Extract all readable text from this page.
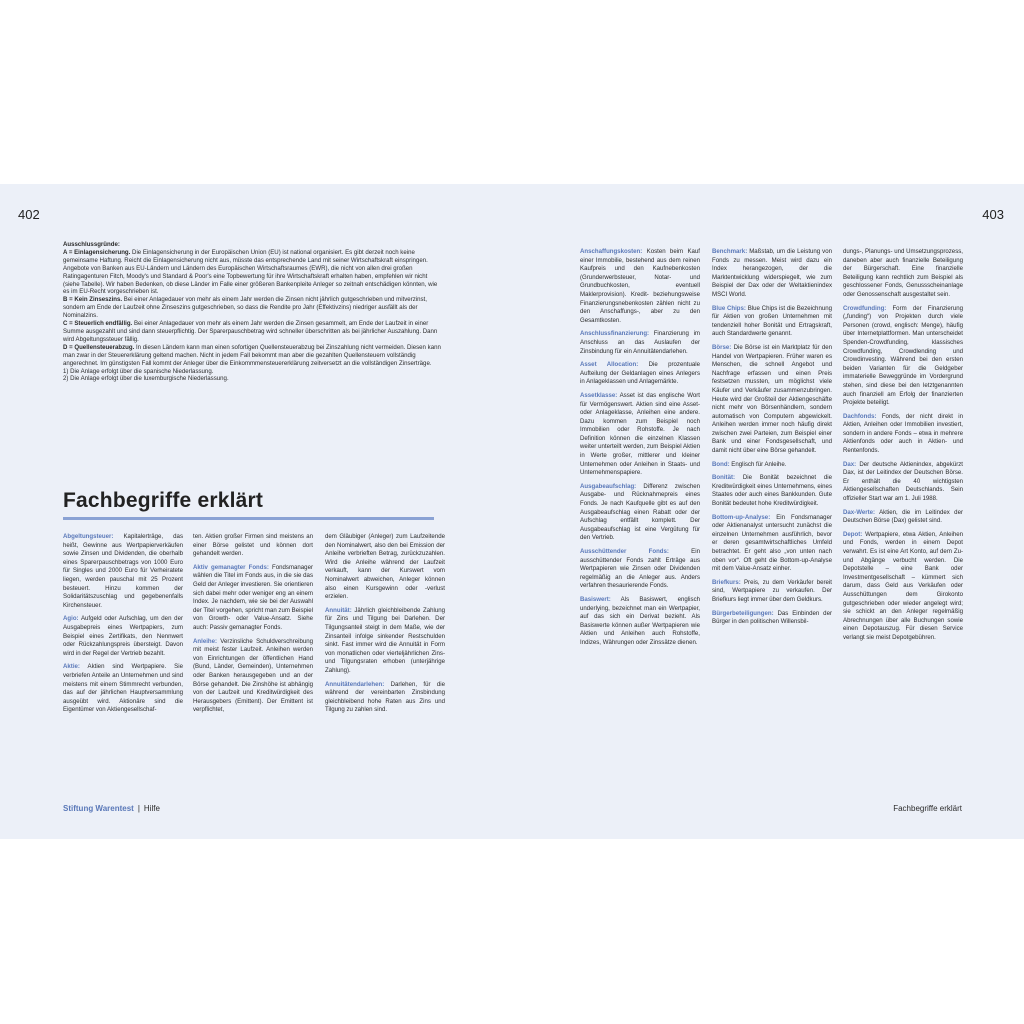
402	403

Ausschlussgründe:

A = Einlagensicherung. Die Einlagensicherung in der Europäischen Union (EU) ist national organisiert. Es gibt derzeit noch keine gemeinsame Haftung. Reicht die Einlagensicherung nicht aus, müsste das entsprechende Land mit seiner Wirtschaftskraft einspringen. Angebote von Banken aus EU-Ländern und Ländern des Europäischen Wirtschaftsraumes (EWR), die nicht von allen drei großen Ratingagenturen Fitch, Moody's und Standard & Poor's eine Topbewertung für ihre Wirtschaftskraft erhalten haben, empfehlen wir nicht (siehe Tabelle). Wir haben Bedenken, ob diese Länder im Falle einer größeren Bankenpleite Anleger so zeitnah entschädigen könnten, wie es im EU-Recht vorgeschrieben ist.

B = Kein Zinseszins. Bei einer Anlagedauer von mehr als einem Jahr werden die Zinsen nicht jährlich gutgeschrieben und mitverzinst, sondern am Ende der Laufzeit ohne Zinseszins gutgeschrieben, so dass die Rendite pro Jahr (Effektivzins) niedriger ausfällt als der Nominalzins.

C = Steuerlich endfällig. Bei einer Anlagedauer von mehr als einem Jahr werden die Zinsen gesammelt, am Ende der Laufzeit in einer Summe ausgezahlt und sind dann steuerpflichtig. Der Sparerpauschbetrag wird schneller überschritten als bei jährlicher Auszahlung. Dann wird Abgeltungssteuer fällig.

D = Quellensteuerabzug. In diesen Ländern kann man einen sofortigen Quellensteuerabzug bei Zinszahlung nicht vermeiden. Diesen kann man zwar in der Steuererklärung geltend machen. Nicht in jedem Fall bekommt man aber die gezahlten Quellensteuern vollständig angerechnet. Im günstigsten Fall kommt der Anleger über die Einkommmensteuererklärung zeitversetzt an die vollständigen Zinserträge.

1) Die Anlage erfolgt über die spanische Niederlassung.

2) Die Anlage erfolgt über die luxemburgische Niederlassung.

Fachbegriffe erklärt

Abgeltungsteuer: Kapitalerträge, das heißt, Gewinne aus Wertpapierverkäufen sowie Zinsen und Dividenden, die oberhalb eines Sparerpauschbetrags von 1000 Euro für Singles und 2000 Euro für Verheiratete liegen, werden pauschal mit 25 Prozent besteuert. Hinzu kommen der Solidaritätszuschlag und gegebenenfalls Kirchensteuer.

Agio: Aufgeld oder Aufschlag, um den der Ausgabepreis eines Wertpapiers, zum Beispiel eines Zertifikats, den Nennwert oder Rückzahlungspreis übersteigt. Davon wird in der Regel der Vertrieb bezahlt.

Aktie: Aktien sind Wertpapiere. Sie verbriefen Anteile an Unternehmen und sind meistens mit einem Stimmrecht verbunden, das auf der jährlichen Hauptversammlung ausgeübt wird. Aktionäre sind die Eigentümer von Aktiengesellschaf-

ten. Aktien großer Firmen sind meistens an einer Börse gelistet und können dort gehandelt werden.

Aktiv gemanagter Fonds: Fondsmanager wählen die Titel im Fonds aus, in die sie das Geld der Anleger investieren. Sie orientieren sich dabei mehr oder weniger eng an einem Index. Je nachdem, wie sie bei der Auswahl der Titel vorgehen, spricht man zum Beispiel von Growth- oder Value-Ansatz. Siehe auch: Passiv gemanagter Fonds.

Anleihe: Verzinsliche Schuldverschreibung mit meist fester Laufzeit. Anleihen werden von Einrichtungen der öffentlichen Hand (Bund, Länder, Gemeinden), Unternehmen oder Banken herausgegeben und an der Börse gehandelt. Die Zinshöhe ist abhängig von der Laufzeit und Kreditwürdigkeit des Herausgebers (Emittent). Der Emittent ist verpflichtet,

dem Gläubiger (Anleger) zum Laufzeitende den Nominalwert, also den bei Emission der Anleihe verbrieften Betrag, zurückzuzahlen. Wird die Anleihe während der Laufzeit verkauft, kann der Kurswert vom Nominalwert abweichen, Anleger können also einen Kursgewinn oder -verlust erzielen.

Annuität: Jährlich gleichbleibende Zahlung für Zins und Tilgung bei Darlehen. Der Tilgungsanteil steigt in dem Maße, wie der Zinsanteil infolge sinkender Restschulden sinkt. Fast immer wird die Annuität in Form von monatlichen oder vierteljährlichen Zins- und Tilgungsraten erhoben (unterjährige Zahlung).

Annuitätendarlehen: Darlehen, für die während der vereinbarten Zinsbindung gleichbleibend hohe Raten aus Zins und Tilgung zu zahlen sind.

Anschaffungskosten: Kosten beim Kauf einer Immobilie, bestehend aus dem reinen Kaufpreis und den Kaufnebenkosten (Grunderwerbsteuer, Notar- und Grundbuchkosten, eventuell Maklerprovision). Kredit- beziehungsweise Finanzierungsnebenkosten zählen nicht zu den Anschaffungs-, aber zu den Gesamtkosten.

Anschlussfinanzierung: Finanzierung im Anschluss an das Auslaufen der Zinsbindung für ein Annuitätendarlehen.

Asset Allocation: Die prozentuale Aufteilung der Geldanlagen eines Anlegers in Anlageklassen und Anlagemärkte.

Assetklasse: Asset ist das englische Wort für Vermögenswert. Aktien sind eine Asset- oder Anlageklasse, Anleihen eine andere. Dazu kommen zum Beispiel noch Immobilien oder Rohstoffe. Je nach Definition können die einzelnen Klassen weiter unterteilt werden, zum Beispiel Aktien in Werte großer, mittlerer und kleiner Unternehmen oder Anleihen in Staats- und Unternehmenspapiere.

Ausgabeaufschlag: Differenz zwischen Ausgabe- und Rücknahmepreis eines Fonds. Je nach Kaufquelle gibt es auf den Ausgabeaufschlag einen Rabatt oder der Aufschlag entfällt komplett. Der Ausgabeaufschlag ist eine Vergütung für den Vertrieb.

Ausschüttender Fonds: Ein ausschüttender Fonds zahlt Erträge aus Wertpapieren wie Zinsen oder Dividenden regelmäßig an die Anleger aus. Anders verfahren thesaurierende Fonds.

Basiswert: Als Basiswert, englisch underlying, bezeichnet man ein Wertpapier, auf das sich ein Derivat bezieht. Als Basiswerte können außer Wertpapieren wie Aktien und Anleihen auch Rohstoffe, Indizes, Währungen oder Zinssätze dienen.

Benchmark: Maßstab, um die Leistung von Fonds zu messen. Meist wird dazu ein Index herangezogen, der die Marktentwicklung widerspiegelt, wie zum Beispiel der Dax oder der Weltaktienindex MSCI World.

Blue Chips: Blue Chips ist die Bezeichnung für Aktien von großen Unternehmen mit tendenziell hoher Bonität und Ertragskraft, auch Standardwerte genannt.

Börse: Die Börse ist ein Marktplatz für den Handel von Wertpapieren. Früher waren es Menschen, die schnell Angebot und Nachfrage erfassen und einen Preis festsetzen mussten, um möglichst viele Käufer und Verkäufer zusammenzubringen. Heute wird der Großteil der Aktiengeschäfte nicht mehr von Börsenhändlern, sondern automatisch von Computern abgewickelt. Anleihen werden immer noch häufig direkt zwischen zwei Parteien, zum Beispiel einer Bank und einer Fondsgesellschaft, und damit nicht über eine Börse gehandelt.

Bond: Englisch für Anleihe.

Bonität: Die Bonität bezeichnet die Kreditwürdigkeit eines Unternehmens, eines Staates oder auch eines Bankkunden. Gute Bonität bedeutet hohe Kreditwürdigkeit.

Bottom-up-Analyse: Ein Fondsmanager oder Aktienanalyst untersucht zunächst die einzelnen Unternehmen ausführlich, bevor er deren gesamtwirtschaftliches Umfeld betrachtet. Er geht also „von unten nach oben vor“. Oft geht die Bottom-up-Analyse mit dem Value-Ansatz einher.

Briefkurs: Preis, zu dem Verkäufer bereit sind, Wertpapiere zu verkaufen. Der Briefkurs liegt immer über dem Geldkurs.

Bürgerbeteiligungen: Das Einbinden der Bürger in den politischen Willensbil-

dungs-, Planungs- und Umsetzungsprozess, daneben aber auch finanzielle Beteiligung der Bürgerschaft. Eine finanzielle Beteiligung kann rechtlich zum Beispiel als geschlossener Fonds, Genussscheinanlage oder Genossenschaft ausgestaltet sein.

Crowdfunding: Form der Finanzierung („funding“) von Projekten durch viele Personen (crowd, englisch: Menge), häufig über Internetplattformen. Man unterscheidet Spenden-Crowdfunding, klassisches Crowdfunding, Crowdlending und Crowdinvesting. Während bei den ersten beiden Varianten für die Geldgeber immaterielle Beweggründe im Vordergrund stehen, sind diese bei den letztgenannten auch finanziell am Erfolg der finanzierten Projekte beteiligt.

Dachfonds: Fonds, der nicht direkt in Aktien, Anleihen oder Immobilien investiert, sondern in andere Fonds – etwa in mehrere Aktienfonds oder auch in Aktien- und Rentenfonds.

Dax: Der deutsche Aktienindex, abgekürzt Dax, ist der Leitindex der Deutschen Börse. Er enthält die 40 wichtigsten Aktiengesellschaften Deutschlands. Sein offizieller Start war am 1. Juli 1988.

Dax-Werte: Aktien, die im Leitindex der Deutschen Börse (Dax) gelistet sind.

Depot: Wertpapiere, etwa Aktien, Anleihen und Fonds, werden in einem Depot verwahrt. Es ist eine Art Konto, auf dem Zu- und Abgänge verbucht werden. Die Depotstelle – eine Bank oder Investmentgesellschaft – kümmert sich darum, dass Geld aus Verkäufen oder Ausschüttungen dem Girokonto gutgeschrieben oder wieder angelegt wird; sie schickt an den Anleger regelmäßig Abrechnungen über alle Buchungen sowie einen Depotauszug. Für diesen Service verlangt sie meist Depotgebühren.

Stiftung Warentest | Hilfe	Fachbegriffe erklärt
